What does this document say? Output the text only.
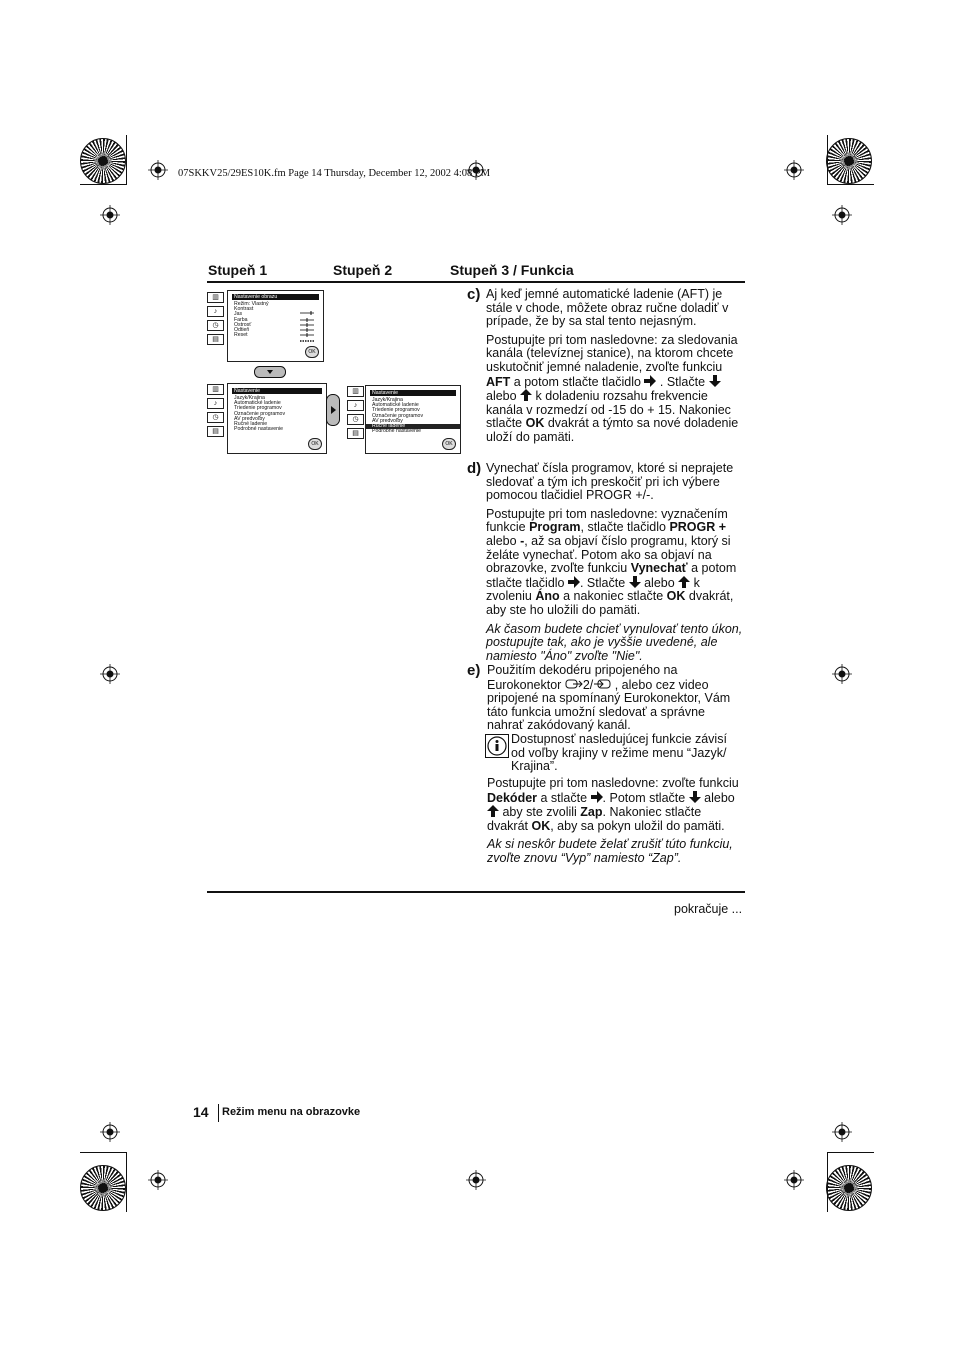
07SKKV25/29ES10K.fm Page 14 Thursday, December 12, 2002 4:08 PM
Stupeň 1	Stupeň 2	Stupeň 3 / Funkcia
▥
♪
◷
▤
Nastavenie obrazu
Režim: Vlastný
Kontrast
Jas
Farba
Ostrosť
Odtieň
Reset
OK
▥
♪
◷
▤
Nastavenie
Jazyk/Krajina
Automatické ladenie
Triedenie programov
Označenie programov
AV predvoľby
Ručné ladenie
Podrobné nastavenie
OK
▥
♪
◷
▤
Nastavenie
Jazyk/Krajina
Automatické ladenie
Triedenie programov
Označenie programov
AV predvoľby
Ručné ladenie
Podrobné nastavenie
OK
c) Aj keď jemné automatické ladenie (AFT) je stále v chode, môžete obraz ručne doladiť v prípade, že by sa stal tento nejasným.

Postupujte pri tom nasledovne: za sledovania kanála (televíznej stanice), na ktorom chcete uskutočniť jemné naladenie, zvoľte funkciu AFT a potom stlačte tlačidlo  . Stlačte  alebo  k doladeniu rozsahu frekvencie kanála v rozmedzí od -15 do + 15. Nakoniec stlačte OK dvakrát a týmto sa nové doladenie uloží do pamäti.

d) Vynechať čísla programov, ktoré si neprajete sledovať a tým ich preskočiť pri ich výbere pomocou tlačidiel PROGR +/-.

Postupujte pri tom nasledovne: vyznačením funkcie Program, stlačte tlačidlo PROGR + alebo -, až sa objaví číslo programu, ktorý si želáte vynechať. Potom ako sa objaví na obrazovke, zvoľte funkciu Vynechať a potom stlačte tlačidlo . Stlačte  alebo  k zvoleniu Áno a nakoniec stlačte OK dvakrát, aby ste ho uložili do pamäti.

Ak časom budete chcieť vynulovať tento úkon, postupujte tak, ako je vyššie uvedené, ale namiesto "Áno" zvoľte "Nie".

e) Použitím dekodéru pripojeného na Eurokonektor 2/ , alebo cez video pripojené na spomínaný Eurokonektor, Vám táto funkcia umožní sledovať a správne nahrať zakódovaný kanál.

Dostupnosť nasledujúcej funkcie závisí od voľby krajiny v režime menu “Jazyk/ Krajina”.

Postupujte pri tom nasledovne: zvoľte funkciu Dekóder a stlačte . Potom stlačte  alebo  aby ste zvolili Zap. Nakoniec stlačte dvakrát OK, aby sa pokyn uložil do pamäti.

Ak si neskôr budete želať zrušiť túto funkciu, zvoľte znovu “Vyp” namiesto “Zap”.

pokračuje ...
14 Režim menu na obrazovke
